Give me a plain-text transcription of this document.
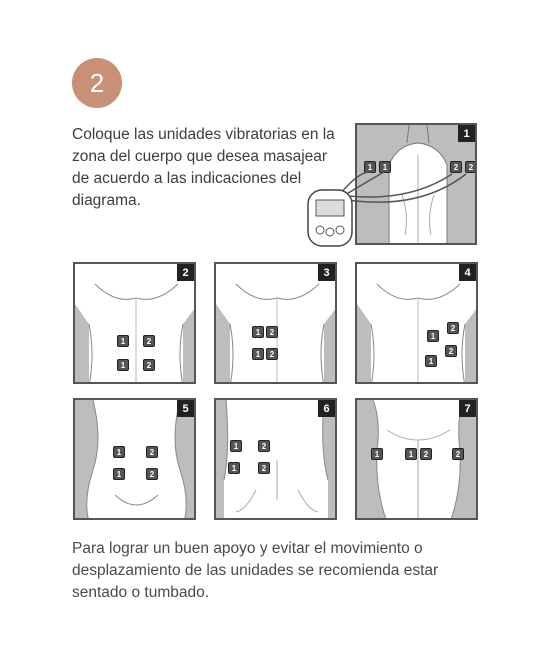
2
Coloque las unidades vibratorias en la zona del cuerpo que desea masajear de acuerdo a las indicaciones del diagrama.
1	1	2	2
1
1	2
1	2
2
1	2
1	2
3
1
2
1
2
4
1	2
1	2
5
1	2
1	2
6
1	1	2	2
7
Para lograr un buen apoyo y evitar el movimiento o desplazamiento de las unidades se recomienda estar sentado o tumbado.
